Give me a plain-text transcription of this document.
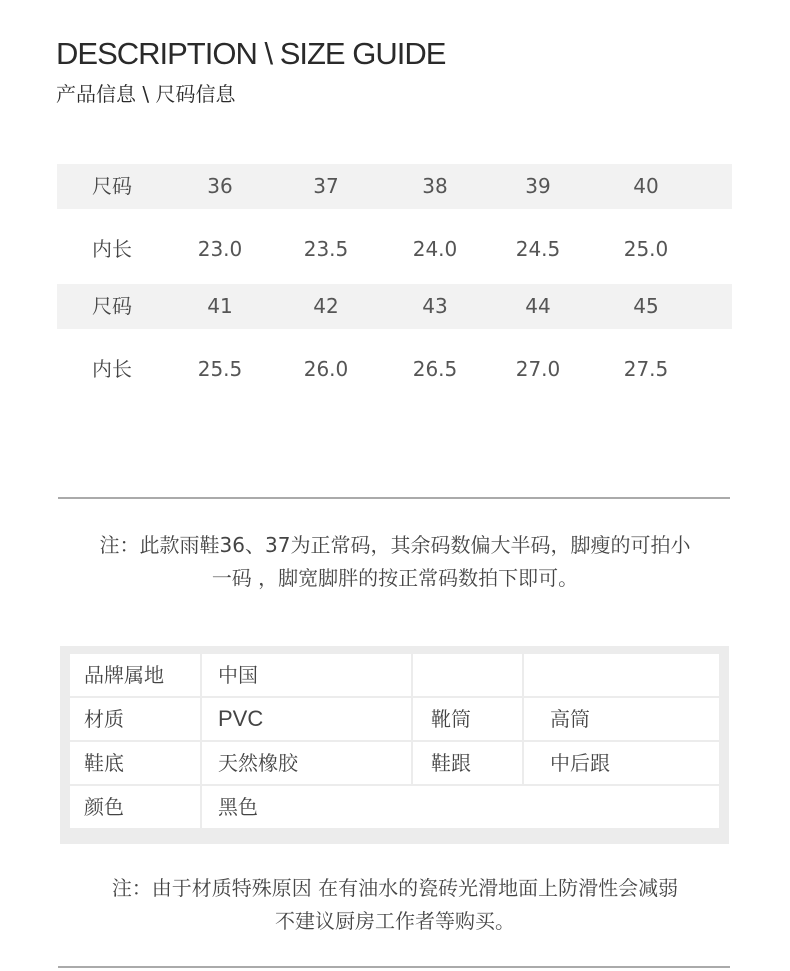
DESCRIPTION \ SIZE GUIDE
产品信息 \ 尺码信息
尺码	36	37	38	39	40
内长	23.0	23.5	24.0	24.5	25.0
尺码	41	42	43	44	45
内长	25.5	26.0	26.5	27.0	27.5
注：此款雨鞋36、37为正常码，其余码数偏大半码，脚瘦的可拍小
一码 ，脚宽脚胖的按正常码数拍下即可。
品牌属地	中国
材质	PVC	靴筒	高筒
鞋底	天然橡胶	鞋跟	中后跟
颜色	黑色
注：由于材质特殊原因 在有油水的瓷砖光滑地面上防滑性会减弱
不建议厨房工作者等购买。
